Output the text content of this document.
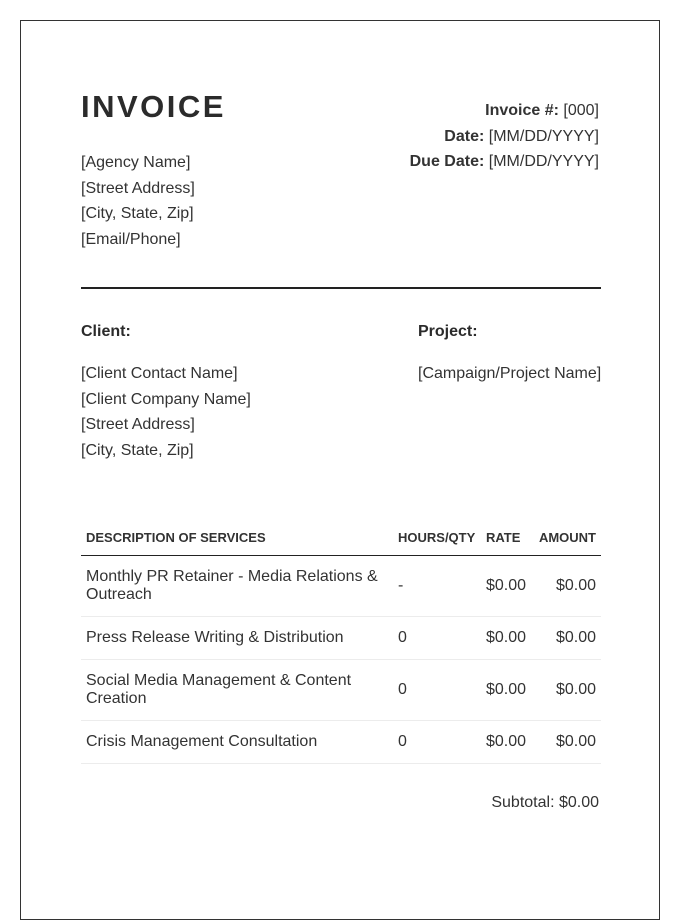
INVOICE
[Agency Name]
[Street Address]
[City, State, Zip]
[Email/Phone]
Invoice #: [000]
Date: [MM/DD/YYYY]
Due Date: [MM/DD/YYYY]
Client:	Project:
[Client Contact Name]
[Client Company Name]
[Street Address]
[City, State, Zip]
[Campaign/Project Name]
DESCRIPTION OF SERVICES	HOURS/QTY	RATE	AMOUNT
Monthly PR Retainer - Media Relations & Outreach	-	$0.00	$0.00
Press Release Writing & Distribution	0	$0.00	$0.00
Social Media Management & Content Creation	0	$0.00	$0.00
Crisis Management Consultation	0	$0.00	$0.00
Subtotal: $0.00
